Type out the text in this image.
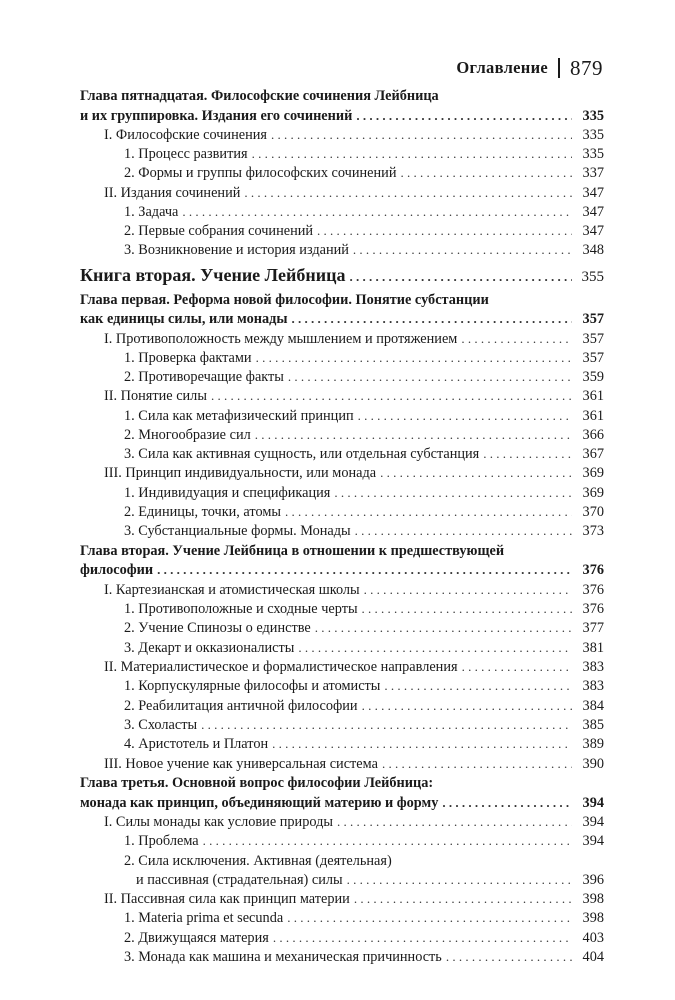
Оглавление 879
Глава пятнадцатая. Философские сочинения Лейбница
и их группировка. Издания его сочинений . . .	335
I. Философские сочинения . . .	335
1. Процесс развития . . .	335
2. Формы и группы философских сочинений . . .	337
II. Издания сочинений . . .	347
1. Задача . . .	347
2. Первые собрания сочинений . . .	347
3. Возникновение и история изданий . . .	348
Книга вторая. Учение Лейбница . . .	355
Глава первая. Реформа новой философии. Понятие субстанции
как единицы силы, или монады . . .	357
I. Противоположность между мышлением и протяжением . . .	357
1. Проверка фактами . . .	357
2. Противоречащие факты . . .	359
II. Понятие силы . . .	361
1. Сила как метафизический принцип . . .	361
2. Многообразие сил . . .	366
3. Сила как активная сущность, или отдельная субстанция . . .	367
III. Принцип индивидуальности, или монада . . .	369
1. Индивидуация и спецификация . . .	369
2. Единицы, точки, атомы . . .	370
3. Субстанциальные формы. Монады . . .	373
Глава вторая. Учение Лейбница в отношении к предшествующей
философии . . .	376
I. Картезианская и атомистическая школы . . .	376
1. Противоположные и сходные черты . . .	376
2. Учение Спинозы о единстве . . .	377
3. Декарт и окказионалисты . . .	381
II. Материалистическое и формалистическое направления . . .	383
1. Корпускулярные философы и атомисты . . .	383
2. Реабилитация античной философии . . .	384
3. Схоласты . . .	385
4. Аристотель и Платон . . .	389
III. Новое учение как универсальная система . . .	390
Глава третья. Основной вопрос философии Лейбница:
монада как принцип, объединяющий материю и форму . . .	394
I. Силы монады как условие природы . . .	394
1. Проблема . . .	394
2. Сила исключения. Активная (деятельная)
и пассивная (страдательная) силы . . .	396
II. Пассивная сила как принцип материи . . .	398
1. Materia prima et secunda . . .	398
2. Движущаяся материя . . .	403
3. Монада как машина и механическая причинность . . .	404
